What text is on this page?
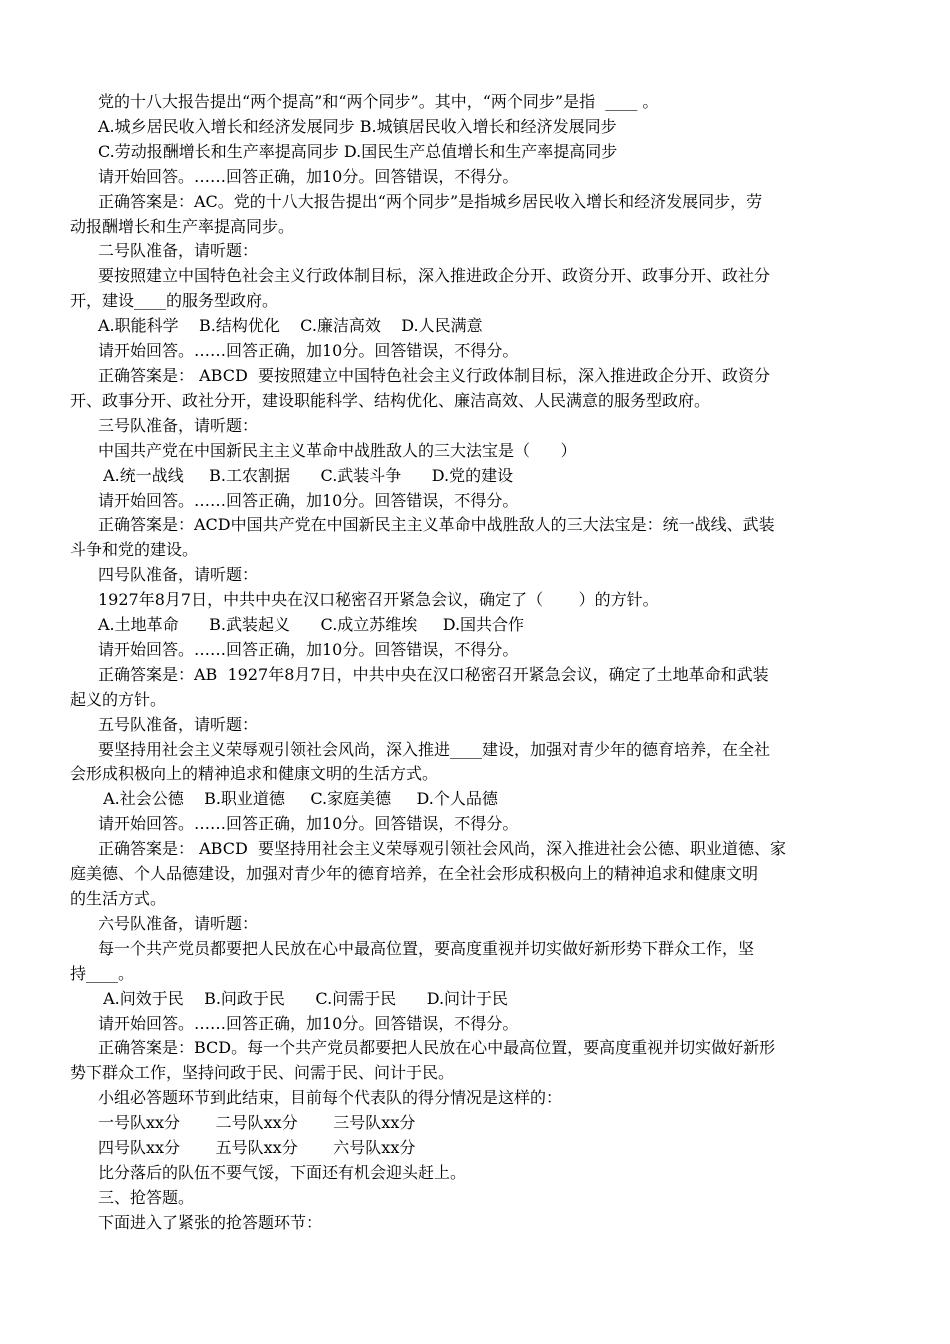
党的十八大报告提出“两个提高”和“两个同步”。其中，“两个同步”是指  ____ 。
A.城乡居民收入增长和经济发展同步 B.城镇居民收入增长和经济发展同步
C.劳动报酬增长和生产率提高同步 D.国民生产总值增长和生产率提高同步
请开始回答。……回答正确，加10分。回答错误，不得分。
正确答案是：AC。党的十八大报告提出“两个同步”是指城乡居民收入增长和经济发展同步，劳
动报酬增长和生产率提高同步。
二号队准备，请听题：
要按照建立中国特色社会主义行政体制目标，深入推进政企分开、政资分开、政事分开、政社分
开，建设____的服务型政府。
A.职能科学    B.结构优化    C.廉洁高效    D.人民满意
请开始回答。……回答正确，加10分。回答错误，不得分。
正确答案是： ABCD  要按照建立中国特色社会主义行政体制目标，深入推进政企分开、政资分
开、政事分开、政社分开，建设职能科学、结构优化、廉洁高效、人民满意的服务型政府。
三号队准备，请听题：
中国共产党在中国新民主主义革命中战胜敌人的三大法宝是（      ）
A.统一战线     B.工农割据      C.武装斗争      D.党的建设
请开始回答。……回答正确，加10分。回答错误，不得分。
正确答案是：ACD中国共产党在中国新民主主义革命中战胜敌人的三大法宝是：统一战线、武装
斗争和党的建设。
四号队准备，请听题：
1927年8月7日，中共中央在汉口秘密召开紧急会议，确定了（       ）的方针。
A.土地革命      B.武装起义      C.成立苏维埃     D.国共合作
请开始回答。……回答正确，加10分。回答错误，不得分。
正确答案是：AB  1927年8月7日，中共中央在汉口秘密召开紧急会议，确定了土地革命和武装
起义的方针。
五号队准备，请听题：
要坚持用社会主义荣辱观引领社会风尚，深入推进____建设，加强对青少年的德育培养，在全社
会形成积极向上的精神追求和健康文明的生活方式。
A.社会公德    B.职业道德     C.家庭美德     D.个人品德
请开始回答。……回答正确，加10分。回答错误，不得分。
正确答案是： ABCD  要坚持用社会主义荣辱观引领社会风尚，深入推进社会公德、职业道德、家
庭美德、个人品德建设，加强对青少年的德育培养，在全社会形成积极向上的精神追求和健康文明
的生活方式。
六号队准备，请听题：
每一个共产党员都要把人民放在心中最高位置，要高度重视并切实做好新形势下群众工作，坚
持____。
A.问效于民    B.问政于民      C.问需于民      D.问计于民
请开始回答。……回答正确，加10分。回答错误，不得分。
正确答案是：BCD。每一个共产党员都要把人民放在心中最高位置，要高度重视并切实做好新形
势下群众工作，坚持问政于民、问需于民、问计于民。
小组必答题环节到此结束，目前每个代表队的得分情况是这样的：
一号队xx分       二号队xx分       三号队xx分
四号队xx分       五号队xx分       六号队xx分
比分落后的队伍不要气馁，下面还有机会迎头赶上。
三、抢答题。
下面进入了紧张的抢答题环节：
